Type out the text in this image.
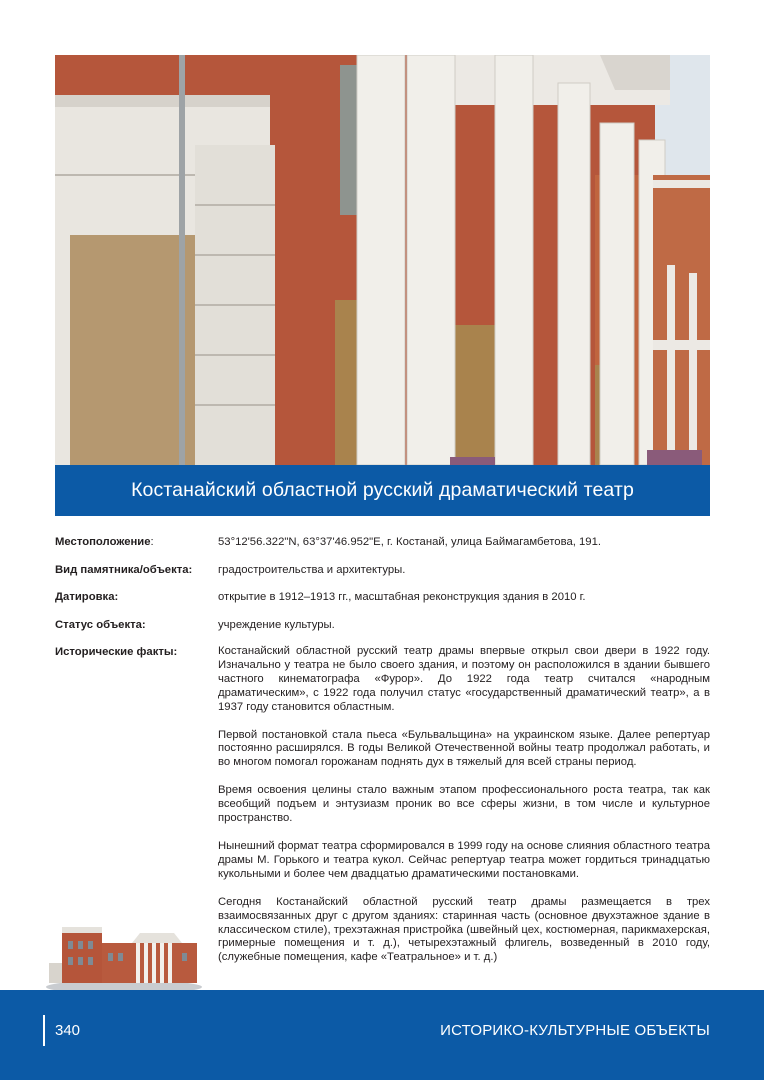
Костанайский областной русский драматический театр
Местоположение:	53°12'56.322"N, 63°37'46.952"E, г. Костанай, улица Баймагамбетова, 191.
Вид памятника/объекта: градостроительства и архитектуры.
Датировка:	открытие в 1912–1913 гг., масштабная реконструкция здания в 2010 г.
Статус объекта:	учреждение культуры.
Исторические факты:	Костанайский областной русский театр драмы впервые открыл свои двери в 1922 году. Изначально у театра не было своего здания, и поэтому он расположился в здании бывшего частного кинематографа «Фурор». До 1922 года театр считался «народным драматическим», с 1922 года получил статус «государственный драматический театр», а в 1937 году становится областным.

Первой постановкой стала пьеса «Бульвальщина» на украинском языке. Далее репертуар постоянно расширялся. В годы Великой Отечественной войны театр продолжал работать, и во многом помогал горожанам поднять дух в тяжелый для всей страны период.

Время освоения целины стало важным этапом профессионального роста театра, так как всеобщий подъем и энтузиазм проник во все сферы жизни, в том числе и культурное пространство.

Нынешний формат театра сформировался в 1999 году на основе слияния областного театра драмы М. Горького и театра кукол. Сейчас репертуар театра может гордиться тринадцатью кукольными и более чем двадцатью драматическими постановками.

Сегодня Костанайский областной русский театр драмы размещается в трех взаимосвязанных друг с другом зданиях: старинная часть (основное двухэтажное здание в классическом стиле), трехэтажная пристройка (швейный цех, костюмерная, парикмахерская, гримерные помещения и т. д.), четырехэтажный флигель, возведенный в 2010 году, (служебные помещения, кафе «Театральное» и т. д.)

340	ИСТОРИКО-КУЛЬТУРНЫЕ ОБЪЕКТЫ
